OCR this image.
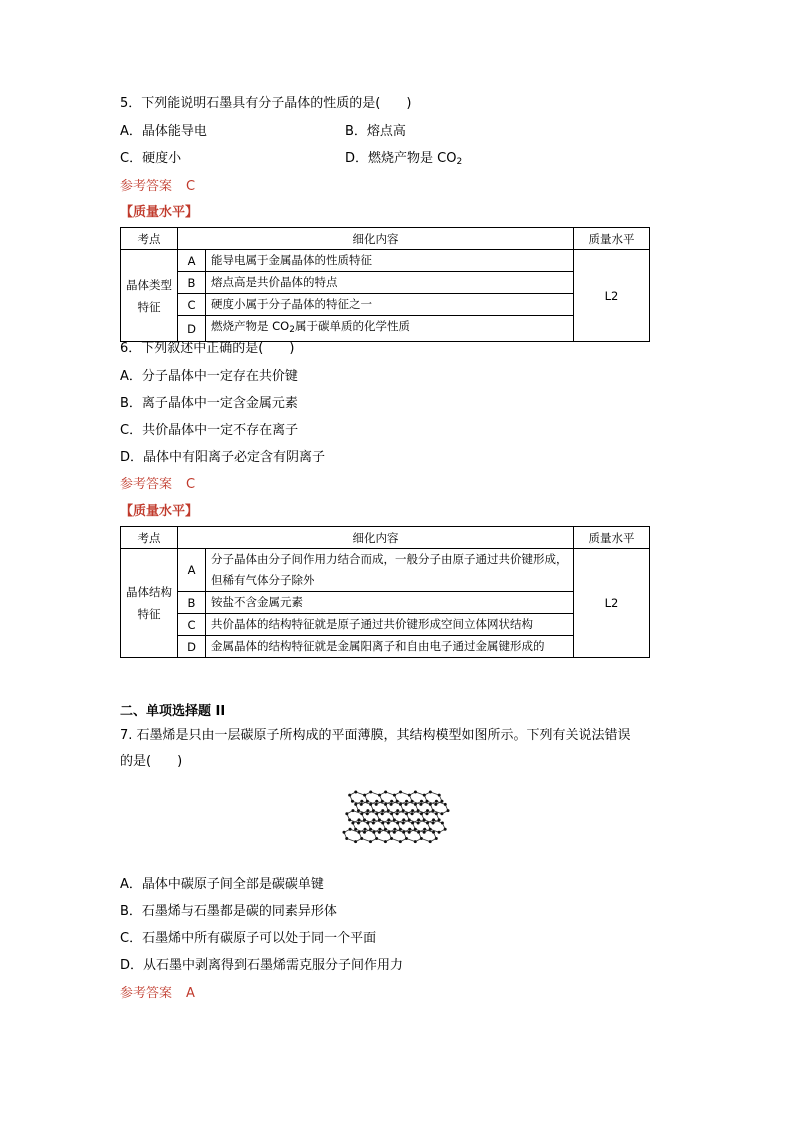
5．下列能说明石墨具有分子晶体的性质的是(　　)
A．晶体能导电	B．熔点高
C．硬度小	D．燃烧产物是 $CO_2$
参考答案 C
【质量水平】
考点	细化内容		质量水平
晶体类型特征	A	能导电属于金属晶体的性质特征	L2
	B	熔点高是共价晶体的特点	
	C	硬度小属于分子晶体的特征之一	
	D	燃烧产物是 $CO_2$属于碳单质的化学性质	
6．下列叙述中正确的是(　　)
A．分子晶体中一定存在共价键
B．离子晶体中一定含金属元素
C．共价晶体中一定不存在离子
D．晶体中有阳离子必定含有阴离子
参考答案 C
【质量水平】
考点	细化内容		质量水平
晶体结构特征	A	分子晶体由分子间作用力结合而成，一般分子由原子通过共价键形成，但稀有气体分子除外	L2
	B	铵盐不含金属元素	
	C	共价晶体的结构特征就是原子通过共价键形成空间立体网状结构	
	D	金属晶体的结构特征就是金属阳离子和自由电子通过金属键形成的	
二、单项选择题 II
7. 石墨烯是只由一层碳原子所构成的平面薄膜，其结构模型如图所示。下列有关说法错误
的是(　　)
A．晶体中碳原子间全部是碳碳单键
B．石墨烯与石墨都是碳的同素异形体
C．石墨烯中所有碳原子可以处于同一个平面
D．从石墨中剥离得到石墨烯需克服分子间作用力
参考答案 A
